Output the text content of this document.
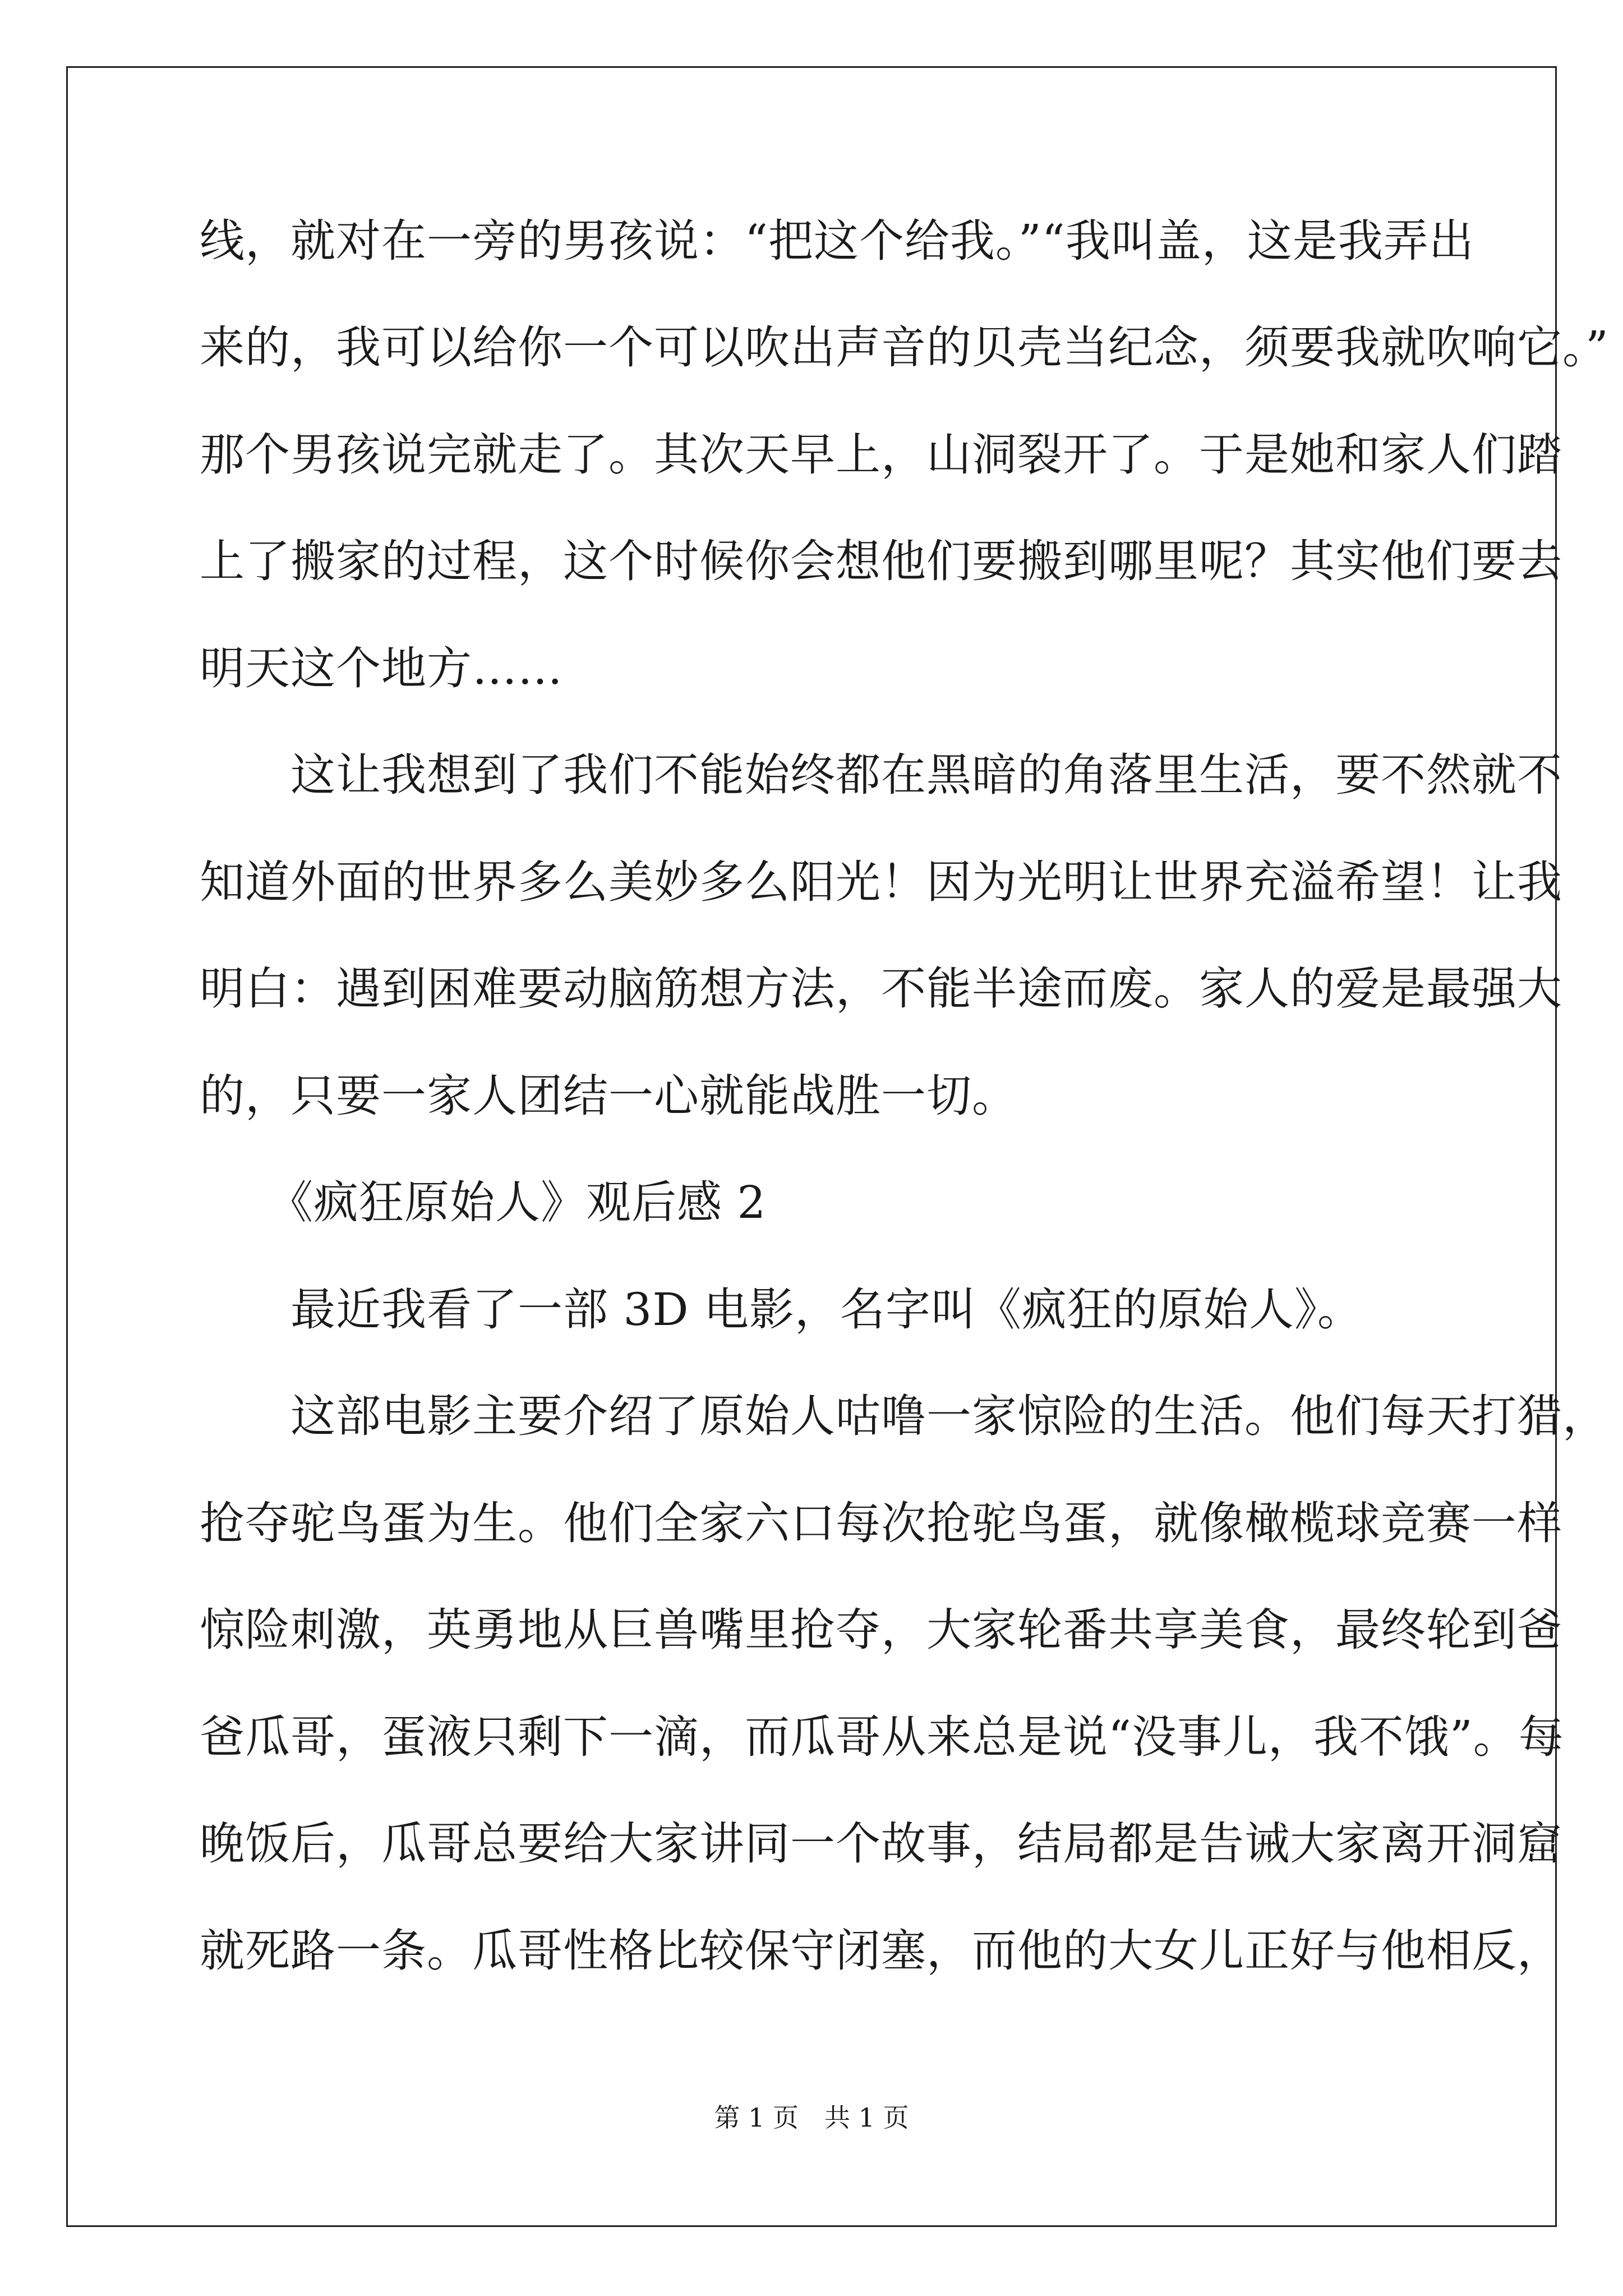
线，就对在一旁的男孩说：“把这个给我。”“我叫盖，这是我弄出
来的，我可以给你一个可以吹出声音的贝壳当纪念，须要我就吹响它。”
那个男孩说完就走了。其次天早上，山洞裂开了。于是她和家人们踏
上了搬家的过程，这个时候你会想他们要搬到哪里呢？其实他们要去
明天这个地方……
　　这让我想到了我们不能始终都在黑暗的角落里生活，要不然就不
知道外面的世界多么美妙多么阳光！因为光明让世界充溢希望！让我
明白：遇到困难要动脑筋想方法，不能半途而废。家人的爱是最强大
的，只要一家人团结一心就能战胜一切。
　　《疯狂原始人》观后感 2
　　最近我看了一部 3D 电影，名字叫《疯狂的原始人》。
　　这部电影主要介绍了原始人咕噜一家惊险的生活。他们每天打猎，
抢夺驼鸟蛋为生。他们全家六口每次抢驼鸟蛋，就像橄榄球竞赛一样
惊险刺激，英勇地从巨兽嘴里抢夺，大家轮番共享美食，最终轮到爸
爸瓜哥，蛋液只剩下一滴，而瓜哥从来总是说“没事儿，我不饿”。每
晚饭后，瓜哥总要给大家讲同一个故事，结局都是告诫大家离开洞窟
就死路一条。瓜哥性格比较保守闭塞，而他的大女儿正好与他相反，
第 1 页　共 1 页
